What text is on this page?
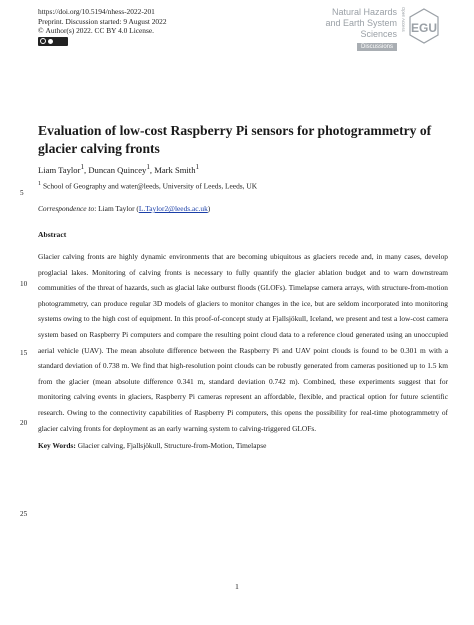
https://doi.org/10.5194/nhess-2022-201
Preprint. Discussion started: 9 August 2022
©
Author(s) 2022. CC BY 4.0 License.
Natural Hazards
and Earth System
Sciences
Discussions
Open Access EGU
Evaluation of low-cost Raspberry Pi sensors for photogrammetry of glacier calving fronts
Liam Taylor$^1$, Duncan Quincey$^1$, Mark Smith$^1$
$^1$ School of Geography and water@leeds, University of Leeds, Leeds, UK
Correspondence to: Liam Taylor (L.Taylor2@leeds.ac.uk)
5
10
15
20
25
Abstract

Glacier calving fronts are highly dynamic environments that are becoming ubiquitous as glaciers recede and, in many cases, develop proglacial lakes. Monitoring of calving fronts is necessary to fully quantify the glacier ablation budget and to warn downstream communities of the threat of hazards, such as glacial lake outburst floods (GLOFs). Timelapse camera arrays, with structure-from-motion photogrammetry, can produce regular 3D models of glaciers to monitor changes in the ice, but are seldom incorporated into monitoring systems owing to the high cost of equipment. In this proof-of-concept study at Fjallsjökull, Iceland, we present and test a low-cost camera system based on Raspberry Pi computers and compare the resulting point cloud data to a reference cloud generated using an unoccupied aerial vehicle (UAV). The mean absolute difference between the Raspberry Pi and UAV point clouds is found to be 0.301 m with a standard deviation of 0.738 m. We find that high-resolution point clouds can be robustly generated from cameras positioned up to 1.5 km from the glacier (mean absolute difference 0.341 m, standard deviation 0.742 m). Combined, these experiments suggest that for monitoring calving events in glaciers, Raspberry Pi cameras represent an affordable, flexible, and practical option for future scientific research. Owing to the connectivity capabilities of Raspberry Pi computers, this opens the possibility for real-time photogrammetry of glacier calving fronts for deployment as an early warning system to calving-triggered GLOFs.

Key Words: Glacier calving, Fjallsjökull, Structure-from-Motion, Timelapse
1
